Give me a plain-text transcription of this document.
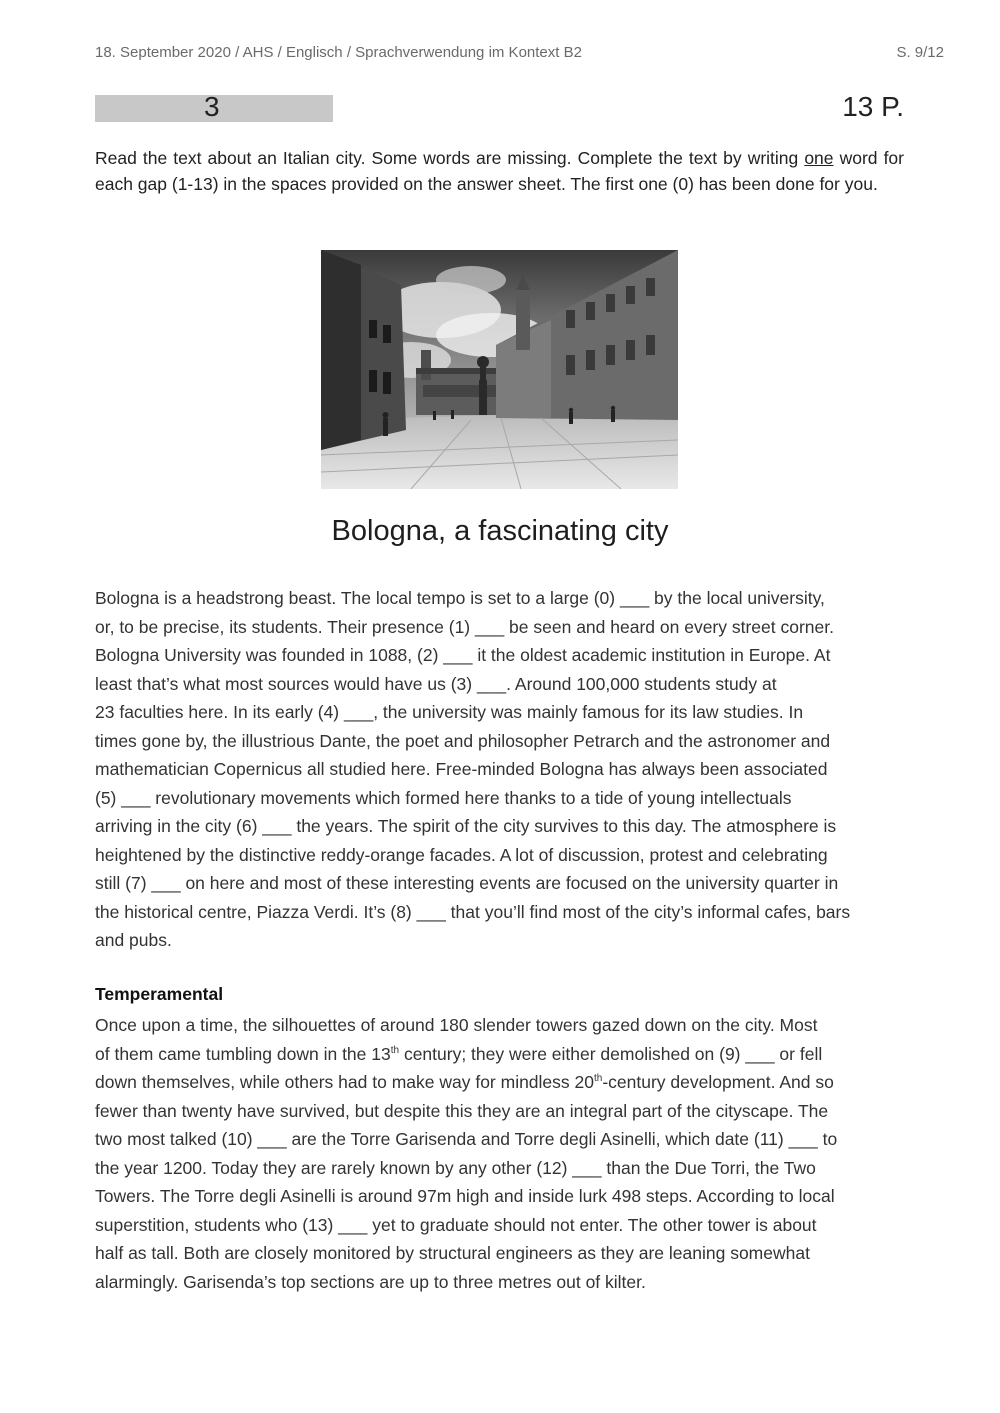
18. September 2020 / AHS / Englisch / Sprachverwendung im Kontext B2	S. 9/12
3	13 P.
Read the text about an Italian city. Some words are missing. Complete the text by writing one word for each gap (1-13) in the spaces provided on the answer sheet. The first one (0) has been done for you.
Bologna, a fascinating city
Bologna is a headstrong beast. The local tempo is set to a large (0) ___ by the local university,
or, to be precise, its students. Their presence (1) ___ be seen and heard on every street corner.
Bologna University was founded in 1088, (2) ___ it the oldest academic institution in Europe. At
least that’s what most sources would have us (3) ___. Around 100,000 students study at
23 faculties here. In its early (4) ___, the university was mainly famous for its law studies. In
times gone by, the illustrious Dante, the poet and philosopher Petrarch and the astronomer and
mathematician Copernicus all studied here. Free-minded Bologna has always been associated
(5) ___ revolutionary movements which formed here thanks to a tide of young intellectuals
arriving in the city (6) ___ the years. The spirit of the city survives to this day. The atmosphere is
heightened by the distinctive reddy-orange facades. A lot of discussion, protest and celebrating
still (7) ___ on here and most of these interesting events are focused on the university quarter in
the historical centre, Piazza Verdi. It’s (8) ___ that you’ll find most of the city’s informal cafes, bars
and pubs.
Temperamental
Once upon a time, the silhouettes of around 180 slender towers gazed down on the city. Most
of them came tumbling down in the 13th century; they were either demolished on (9) ___ or fell
down themselves, while others had to make way for mindless 20th-century development. And so
fewer than twenty have survived, but despite this they are an integral part of the cityscape. The
two most talked (10) ___ are the Torre Garisenda and Torre degli Asinelli, which date (11) ___ to
the year 1200. Today they are rarely known by any other (12) ___ than the Due Torri, the Two
Towers. The Torre degli Asinelli is around 97m high and inside lurk 498 steps. According to local
superstition, students who (13) ___ yet to graduate should not enter. The other tower is about
half as tall. Both are closely monitored by structural engineers as they are leaning somewhat
alarmingly. Garisenda’s top sections are up to three metres out of kilter.
